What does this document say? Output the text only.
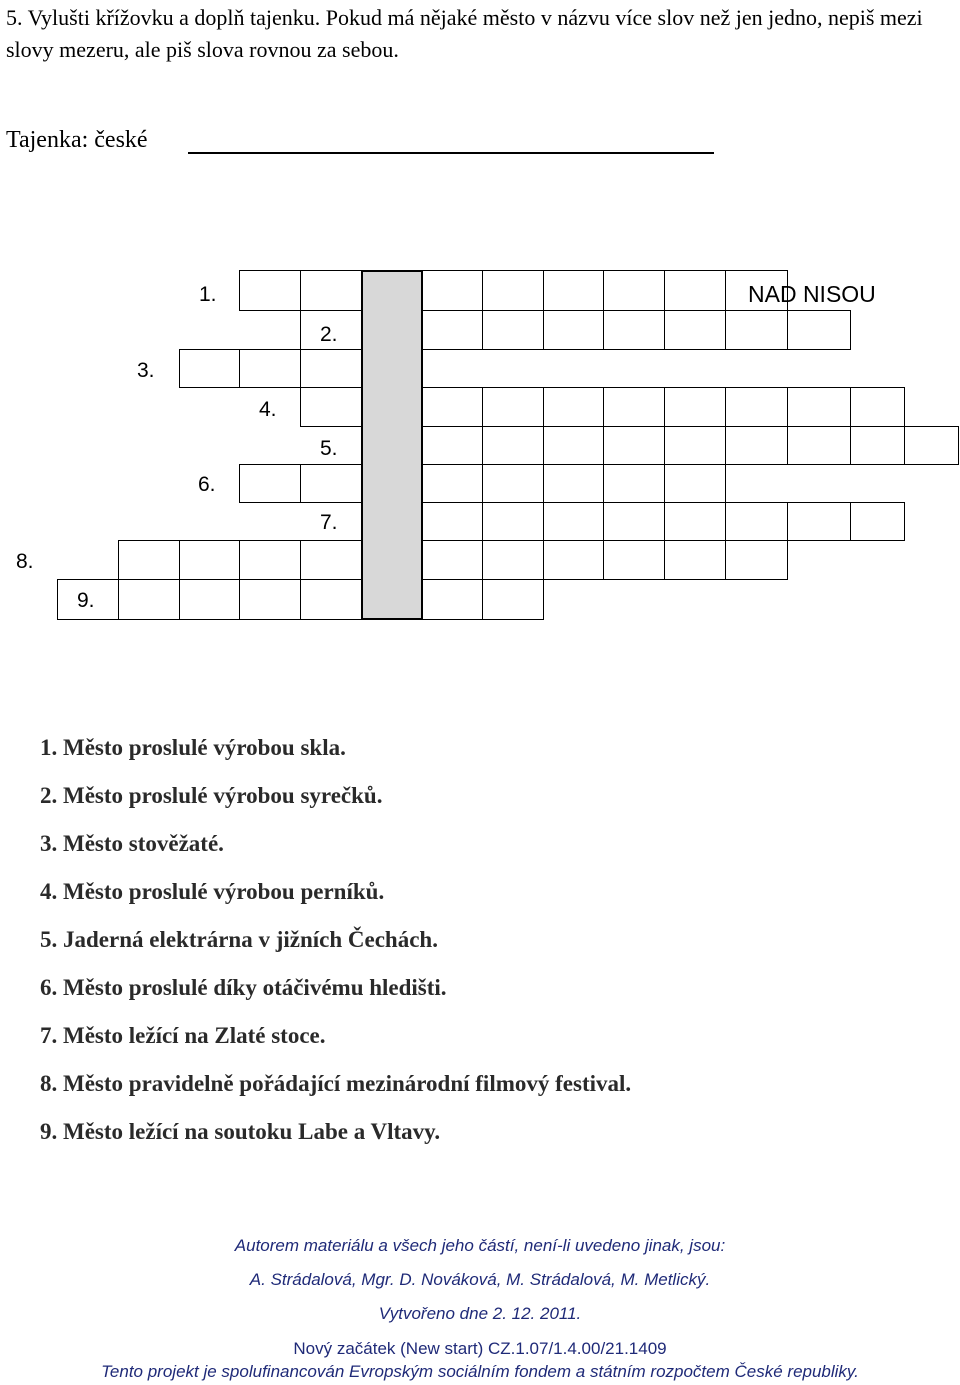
5. Vylušti křížovku a doplň tajenku. Pokud má nějaké město v názvu více slov než jen jedno, nepiš mezi slovy mezeru, ale piš slova rovnou za sebou.
Tajenka: české
1.
2.
3.
4.
5.
6.
7.
8.
9.
NAD NISOU
1. Město proslulé výrobou skla.
2. Město proslulé výrobou syrečků.
3. Město stověžaté.
4. Město proslulé výrobou perníků.
5. Jaderná elektrárna v jižních Čechách.
6. Město proslulé díky otáčivému hledišti.
7. Město ležící na Zlaté stoce.
8. Město pravidelně pořádající mezinárodní filmový festival.
9. Město ležící na soutoku Labe a Vltavy.
Autorem materiálu a všech jeho částí, není-li uvedeno jinak, jsou:
A. Strádalová, Mgr. D. Nováková, M. Strádalová, M. Metlický.
Vytvořeno dne 2. 12. 2011.
Nový začátek (New start) CZ.1.07/1.4.00/21.1409
Tento projekt je spolufinancován Evropským sociálním fondem a státním rozpočtem České republiky.
